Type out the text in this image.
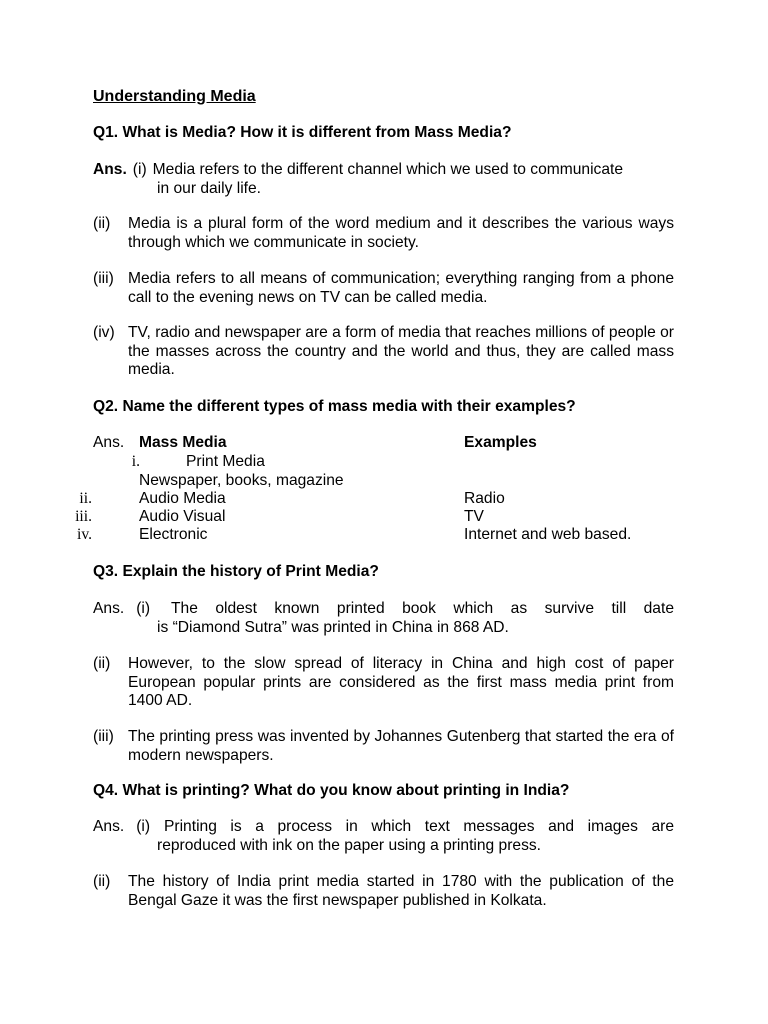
Understanding Media
Q1. What is Media? How it is different from Mass Media?
Ans. (i) Media refers to the different channel which we used to communicate
in our daily life.
(ii) Media is a plural form of the word medium and it describes the various ways through which we communicate in society.
(iii) Media refers to all means of communication; everything ranging from a phone call to the evening news on TV can be called media.
(iv) TV, radio and newspaper are a form of media that reaches millions of people or the masses across the country and the world and thus, they are called mass media.
Q2. Name the different types of mass media with their examples?
Ans. Mass Media	Examples
i.	Print Media
Newspaper, books, magazine
ii.	Audio Media	Radio
iii.	Audio Visual	TV
iv.	Electronic	Internet and web based.
Q3. Explain the history of Print Media?
Ans. (i) The oldest known printed book which as survive till date
is “Diamond Sutra” was printed in China in 868 AD.
(ii) However, to the slow spread of literacy in China and high cost of paper European popular prints are considered as the first mass media print from 1400 AD.
(iii) The printing press was invented by Johannes Gutenberg that started the era of modern newspapers.
Q4. What is printing? What do you know about printing in India?
Ans. (i) Printing is a process in which text messages and images are
reproduced with ink on the paper using a printing press.
(ii) The history of India print media started in 1780 with the publication of the Bengal Gaze it was the first newspaper published in Kolkata.
